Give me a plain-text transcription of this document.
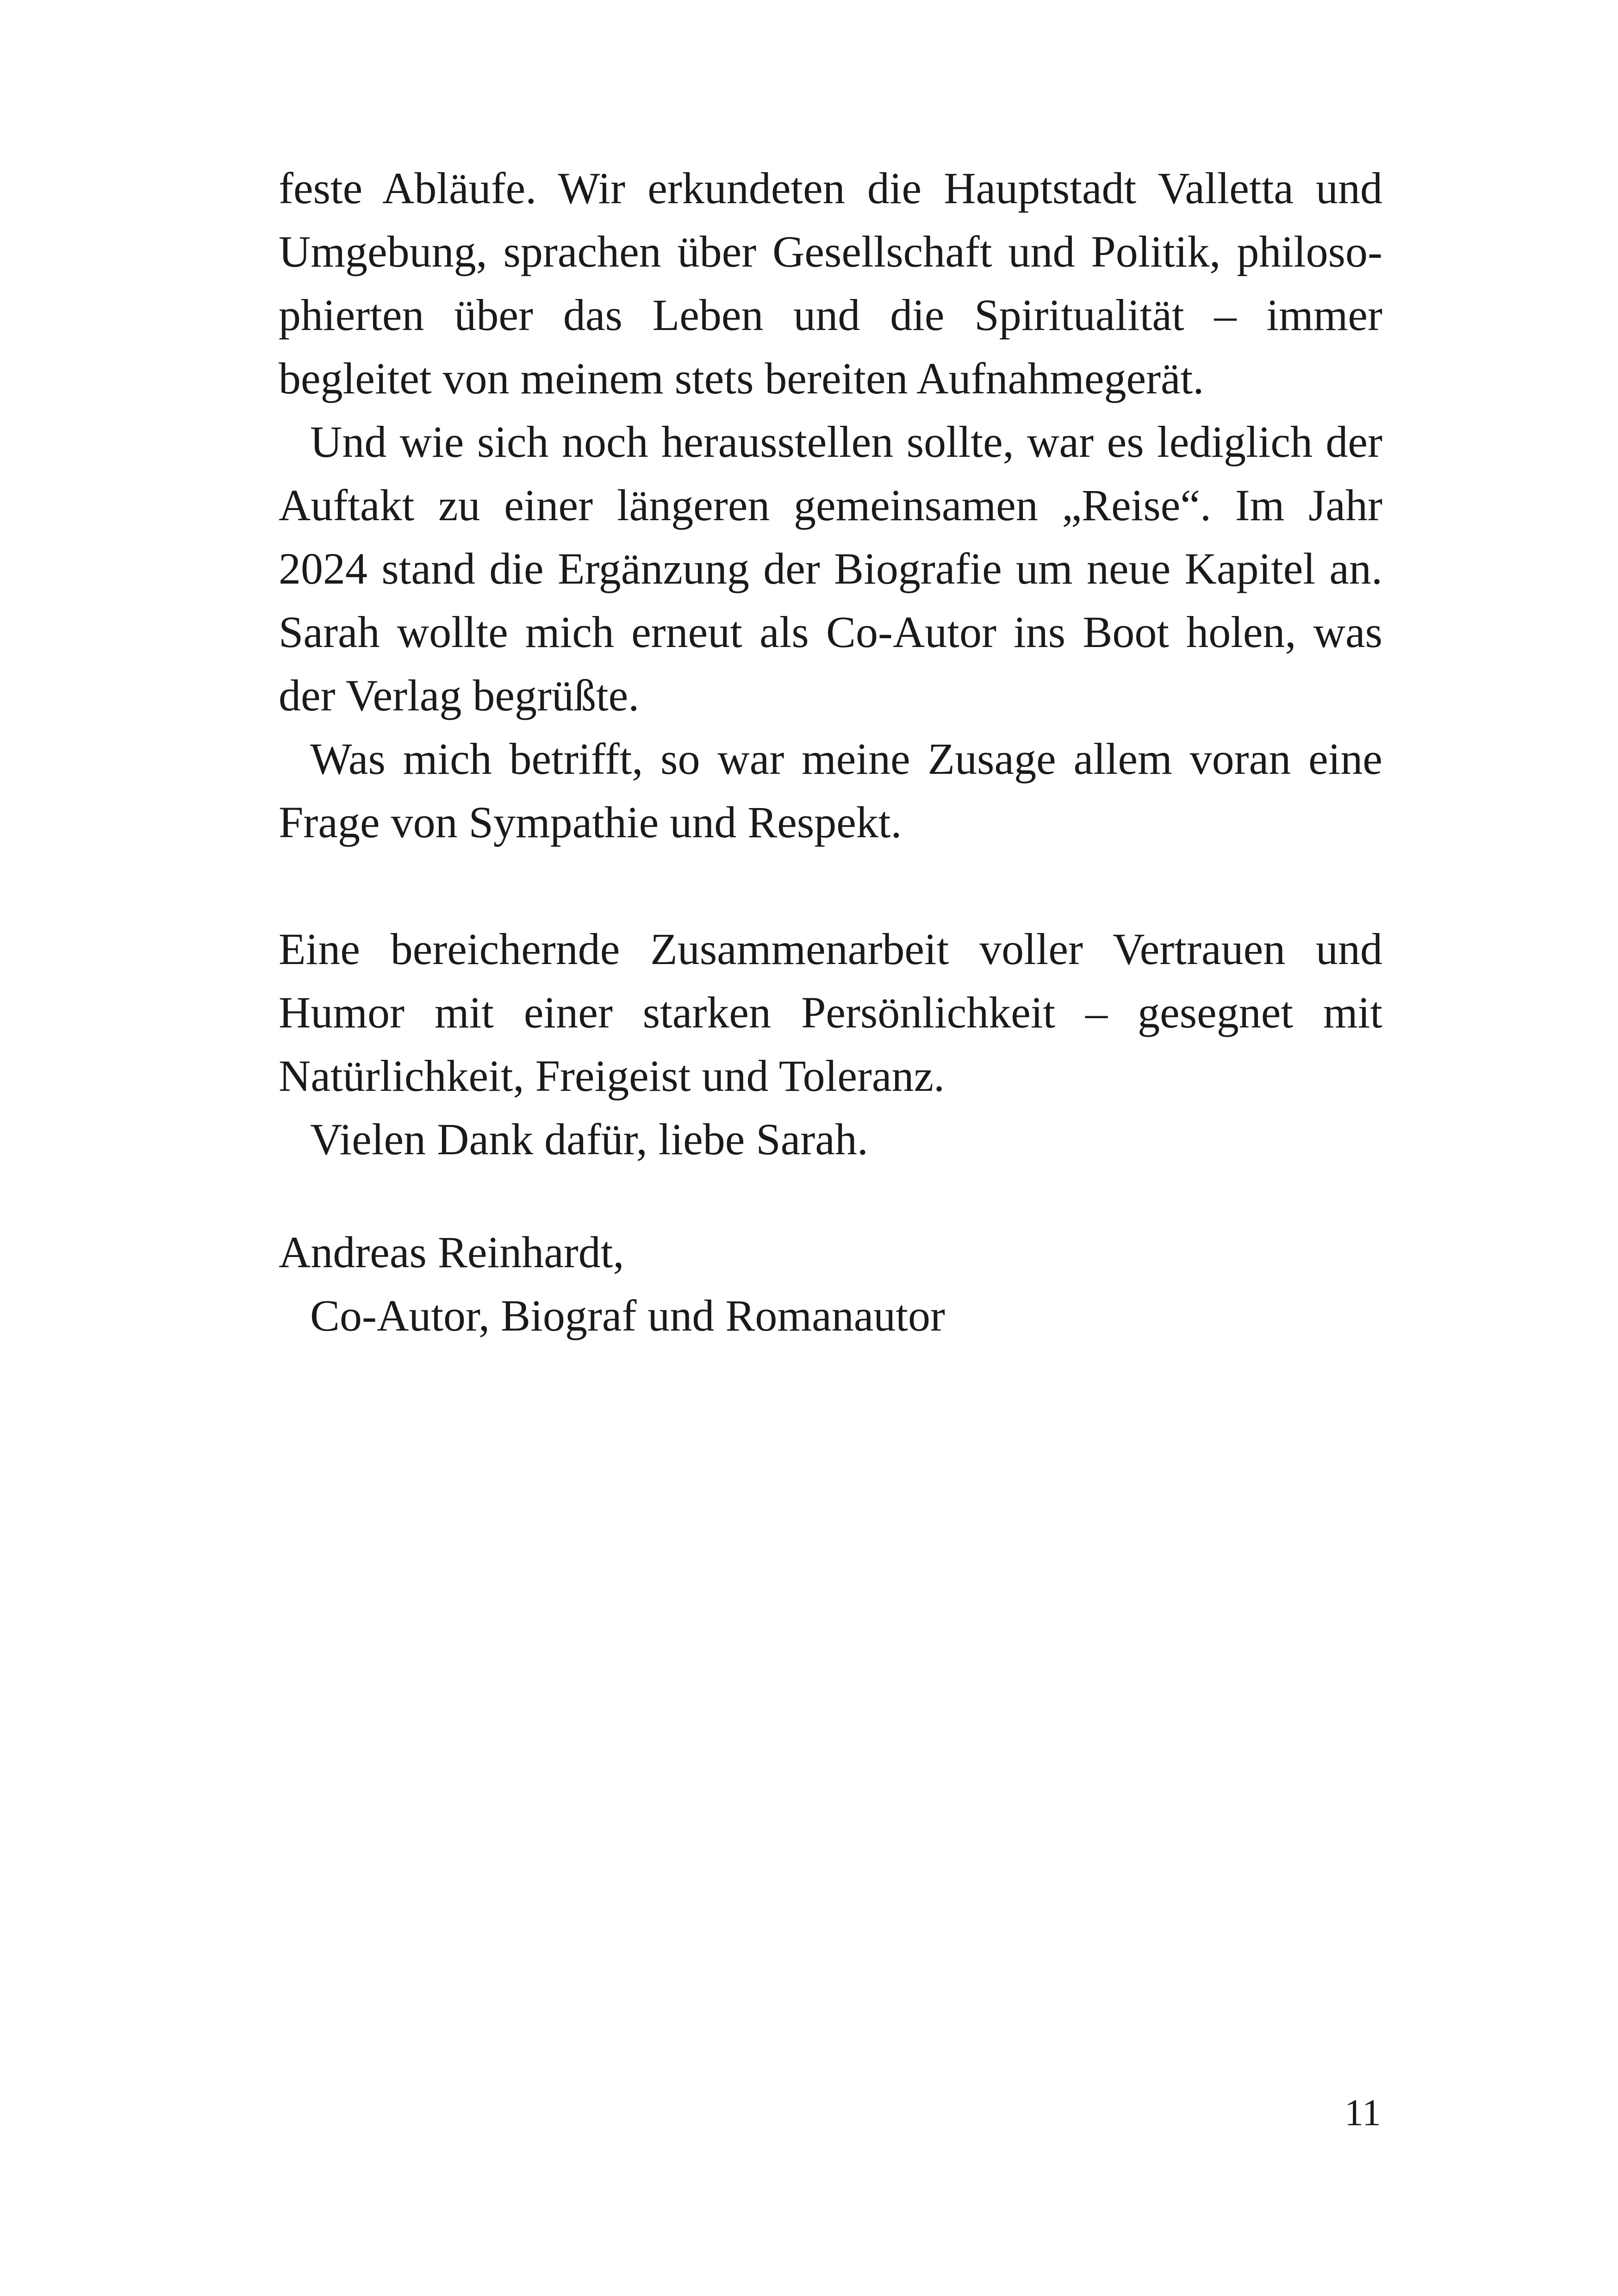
feste Abläufe. Wir erkundeten die Hauptstadt Valletta und
Umgebung, sprachen über Gesellschaft und Politik, philoso-
phierten über das Leben und die Spiritualität – immer
begleitet von meinem stets bereiten Aufnahmegerät.

Und wie sich noch herausstellen sollte, war es lediglich der
Auftakt zu einer längeren gemeinsamen „Reise“. Im Jahr
2024 stand die Ergänzung der Biografie um neue Kapitel an.
Sarah wollte mich erneut als Co-Autor ins Boot holen, was
der Verlag begrüßte.

Was mich betrifft, so war meine Zusage allem voran eine
Frage von Sympathie und Respekt.

Eine bereichernde Zusammenarbeit voller Vertrauen und
Humor mit einer starken Persönlichkeit – gesegnet mit
Natürlichkeit, Freigeist und Toleranz.

Vielen Dank dafür, liebe Sarah.

Andreas Reinhardt,
Co-Autor, Biograf und Romanautor
11
